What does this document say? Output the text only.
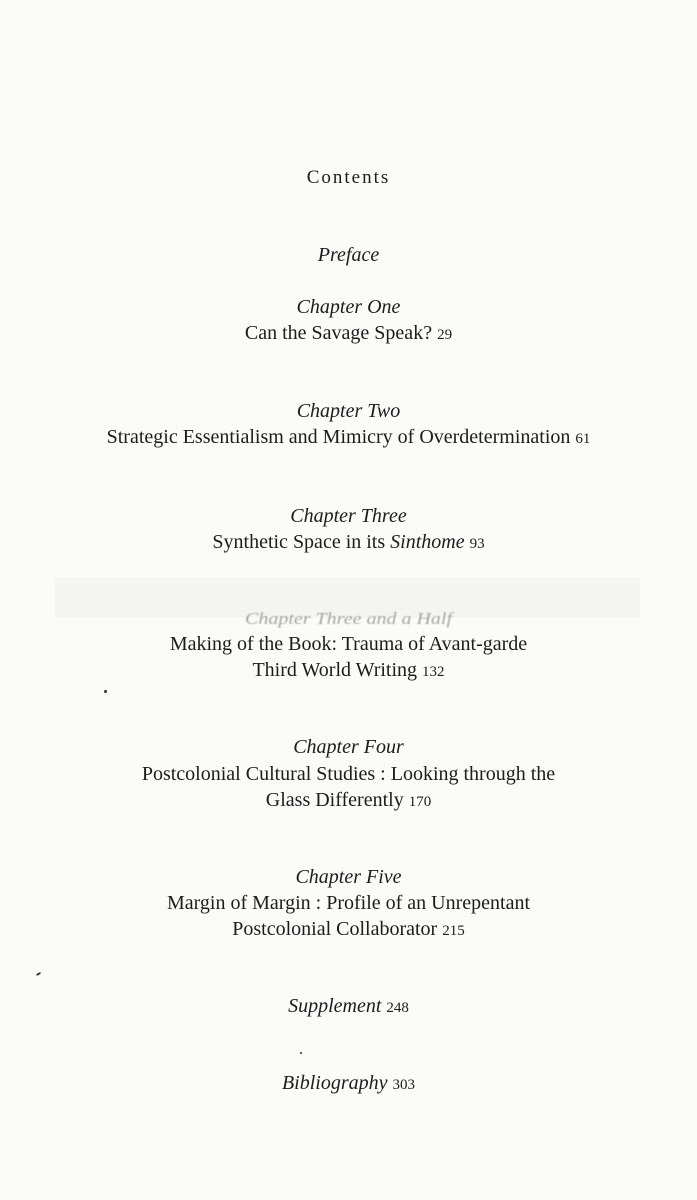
Contents
Preface
Chapter One
Can the Savage Speak? 29
Chapter Two
Strategic Essentialism and Mimicry of Overdetermination 61
Chapter Three
Synthetic Space in its Sinthome 93
Chapter Three and a Half
Making of the Book: Trauma of Avant-garde
Third World Writing 132
Chapter Four
Postcolonial Cultural Studies : Looking through the
Glass Differently 170
Chapter Five
Margin of Margin : Profile of an Unrepentant
Postcolonial Collaborator 215
Supplement 248
Bibliography 303
